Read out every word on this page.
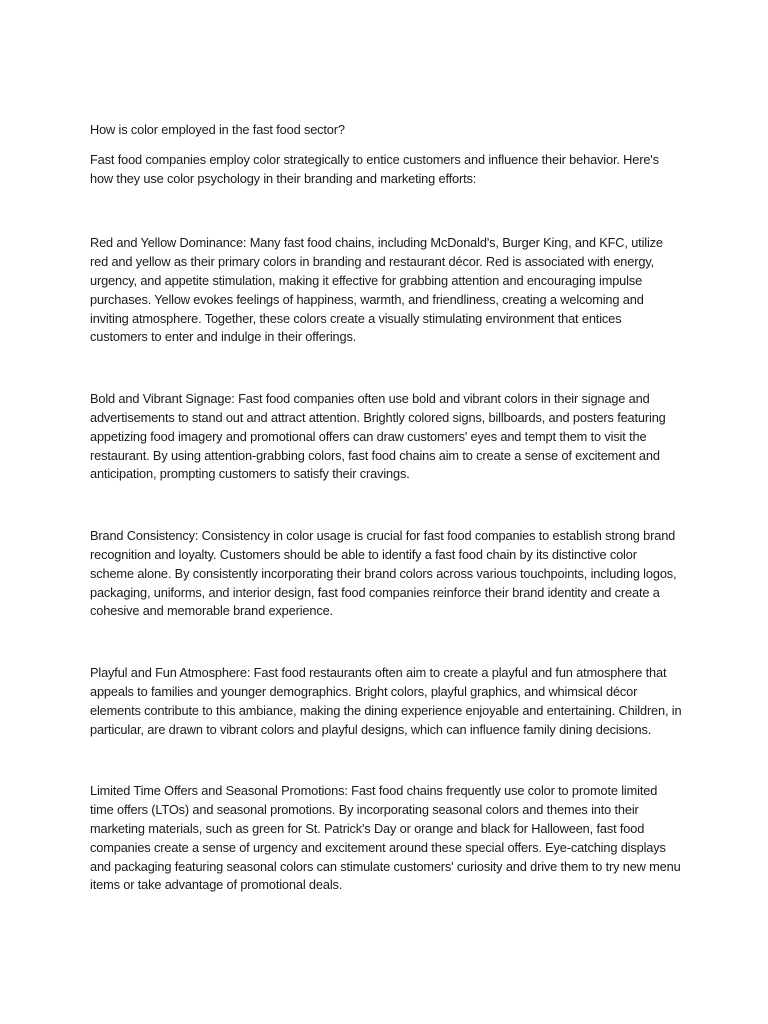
How is color employed in the fast food sector?

Fast food companies employ color strategically to entice customers and influence their behavior. Here's how they use color psychology in their branding and marketing efforts:

Red and Yellow Dominance: Many fast food chains, including McDonald's, Burger King, and KFC, utilize red and yellow as their primary colors in branding and restaurant décor. Red is associated with energy, urgency, and appetite stimulation, making it effective for grabbing attention and encouraging impulse purchases. Yellow evokes feelings of happiness, warmth, and friendliness, creating a welcoming and inviting atmosphere. Together, these colors create a visually stimulating environment that entices customers to enter and indulge in their offerings.

Bold and Vibrant Signage: Fast food companies often use bold and vibrant colors in their signage and advertisements to stand out and attract attention. Brightly colored signs, billboards, and posters featuring appetizing food imagery and promotional offers can draw customers' eyes and tempt them to visit the restaurant. By using attention-grabbing colors, fast food chains aim to create a sense of excitement and anticipation, prompting customers to satisfy their cravings.

Brand Consistency: Consistency in color usage is crucial for fast food companies to establish strong brand recognition and loyalty. Customers should be able to identify a fast food chain by its distinctive color scheme alone. By consistently incorporating their brand colors across various touchpoints, including logos, packaging, uniforms, and interior design, fast food companies reinforce their brand identity and create a cohesive and memorable brand experience.

Playful and Fun Atmosphere: Fast food restaurants often aim to create a playful and fun atmosphere that appeals to families and younger demographics. Bright colors, playful graphics, and whimsical décor elements contribute to this ambiance, making the dining experience enjoyable and entertaining. Children, in particular, are drawn to vibrant colors and playful designs, which can influence family dining decisions.

Limited Time Offers and Seasonal Promotions: Fast food chains frequently use color to promote limited time offers (LTOs) and seasonal promotions. By incorporating seasonal colors and themes into their marketing materials, such as green for St. Patrick's Day or orange and black for Halloween, fast food companies create a sense of urgency and excitement around these special offers. Eye-catching displays and packaging featuring seasonal colors can stimulate customers' curiosity and drive them to try new menu items or take advantage of promotional deals.
